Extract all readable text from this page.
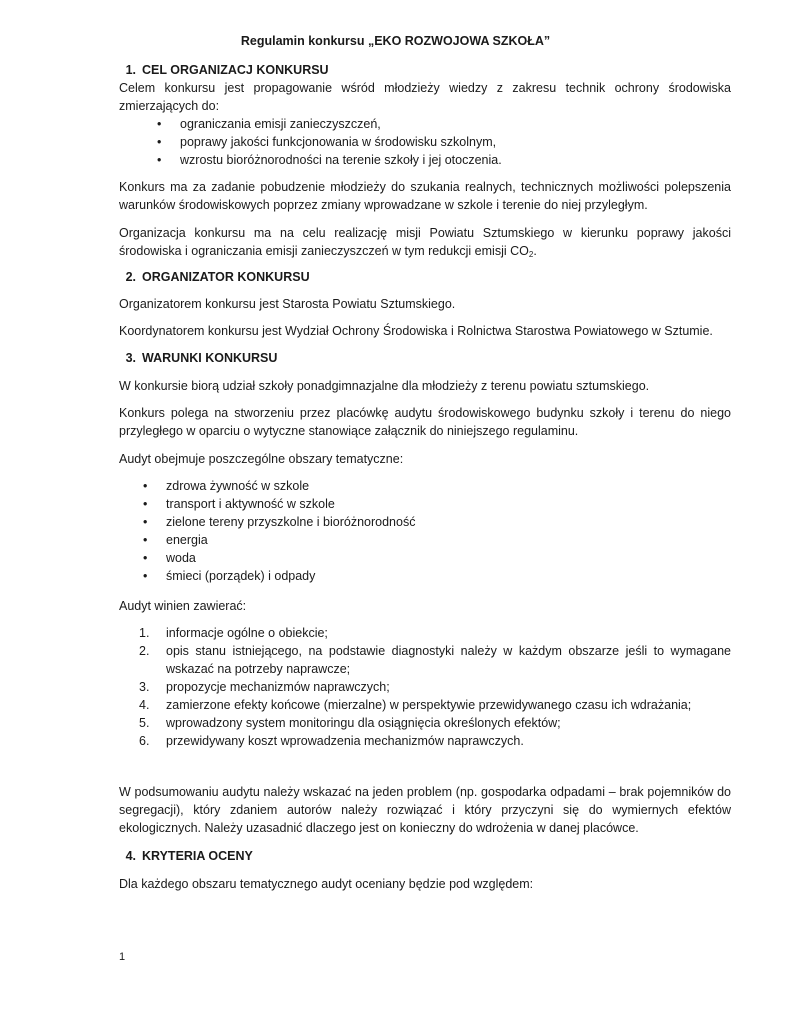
Regulamin konkursu „EKO ROZWOJOWA SZKOŁA”
1. CEL ORGANIZACJ KONKURSU
Celem konkursu jest propagowanie wśród młodzieży wiedzy z zakresu technik ochrony środowiska zmierzających do:
• ograniczania emisji zanieczyszczeń,
• poprawy jakości funkcjonowania w środowisku szkolnym,
• wzrostu bioróżnorodności na terenie szkoły i jej otoczenia.
Konkurs ma za zadanie pobudzenie młodzieży do szukania realnych, technicznych możliwości polepszenia warunków środowiskowych poprzez zmiany wprowadzane w szkole i terenie do niej przyległym.
Organizacja konkursu ma na celu realizację misji Powiatu Sztumskiego w kierunku poprawy jakości środowiska i ograniczania emisji zanieczyszczeń w tym redukcji emisji $CO_2$.
2. ORGANIZATOR KONKURSU
Organizatorem konkursu jest Starosta Powiatu Sztumskiego.
Koordynatorem konkursu jest Wydział Ochrony Środowiska i Rolnictwa Starostwa Powiatowego w Sztumie.
3. WARUNKI KONKURSU
W konkursie biorą udział szkoły ponadgimnazjalne dla młodzieży z terenu powiatu sztumskiego.
Konkurs polega na stworzeniu przez placówkę audytu środowiskowego budynku szkoły i terenu do niego przyległego w oparciu o wytyczne stanowiące załącznik do niniejszego regulaminu.
Audyt obejmuje poszczególne obszary tematyczne:
• zdrowa żywność w szkole
• transport i aktywność w szkole
• zielone tereny przyszkolne i bioróżnorodność
• energia
• woda
• śmieci (porządek) i odpady
Audyt winien zawierać:
1. informacje ogólne o obiekcie;
2. opis stanu istniejącego, na podstawie diagnostyki należy w każdym obszarze jeśli to wymagane wskazać na potrzeby naprawcze;
3. propozycje mechanizmów naprawczych;
4. zamierzone efekty końcowe (mierzalne) w perspektywie przewidywanego czasu ich wdrażania;
5. wprowadzony system monitoringu dla osiągnięcia określonych efektów;
6. przewidywany koszt wprowadzenia mechanizmów naprawczych.
W podsumowaniu audytu należy wskazać na jeden problem (np. gospodarka odpadami – brak pojemników do segregacji), który zdaniem autorów należy rozwiązać i który przyczyni się do wymiernych efektów ekologicznych. Należy uzasadnić dlaczego jest on konieczny do wdrożenia w danej placówce.
4. KRYTERIA OCENY
Dla każdego obszaru tematycznego audyt oceniany będzie pod względem:
1
